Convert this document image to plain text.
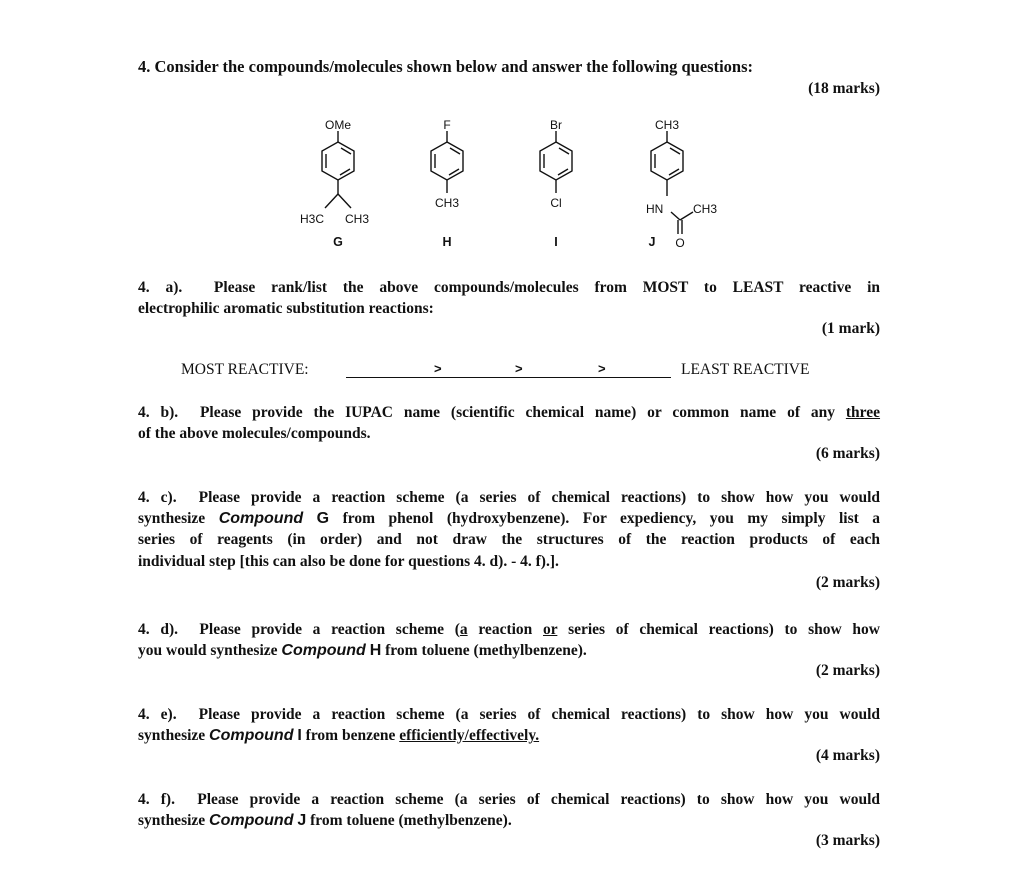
4. Consider the compounds/molecules shown below and answer the following questions:
(18 marks)
OMe
H3C CH3
F
CH3
Br
Cl
CH3
HN CH3
O
G	H	I	J
4. a). Please rank/list the above compounds/molecules from MOST to LEAST reactive in
electrophilic aromatic substitution reactions:
(1 mark)
MOST REACTIVE:	>	>	>	LEAST REACTIVE
4. b). Please provide the IUPAC name (scientific chemical name) or common name of any three
of the above molecules/compounds.
(6 marks)
4. c). Please provide a reaction scheme (a series of chemical reactions) to show how you would
synthesize Compound G from phenol (hydroxybenzene). For expediency, you my simply list a
series of reagents (in order) and not draw the structures of the reaction products of each
individual step [this can also be done for questions 4. d). - 4. f).].
(2 marks)
4. d). Please provide a reaction scheme (a reaction or series of chemical reactions) to show how
you would synthesize Compound H from toluene (methylbenzene).
(2 marks)
4. e). Please provide a reaction scheme (a series of chemical reactions) to show how you would
synthesize Compound I from benzene efficiently/effectively.
(4 marks)
4. f). Please provide a reaction scheme (a series of chemical reactions) to show how you would
synthesize Compound J from toluene (methylbenzene).
(3 marks)
